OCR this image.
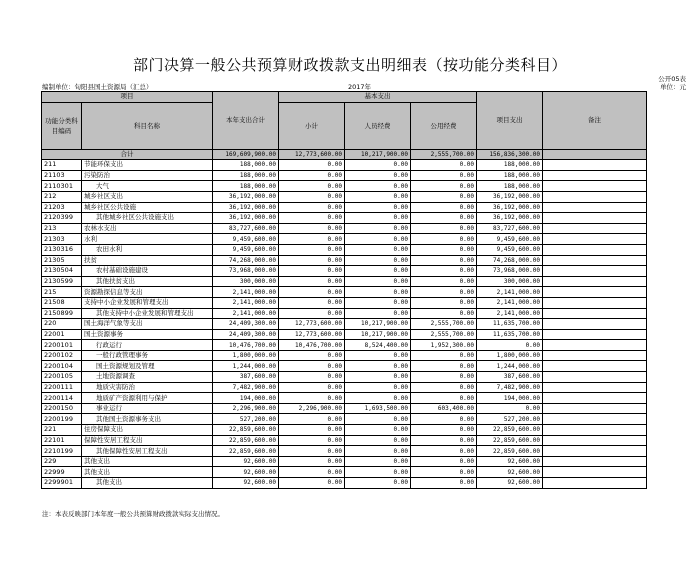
部门决算一般公共预算财政拨款支出明细表（按功能分类科目）
公开05表
编制单位：旬阳县国土资源局（汇总）	2017年	单位：元
项目		本年支出合计	基本支出			项目支出	备注
功能分类科目编码	科目名称		小计	人员经费	公用经费		
合计		169,609,900.00	12,773,600.00	10,217,900.00	2,555,700.00	156,836,300.00	
211	节能环保支出	188,000.00	0.00	0.00	0.00	188,000.00	
21103	污染防治	188,000.00	0.00	0.00	0.00	188,000.00	
2110301	大气	188,000.00	0.00	0.00	0.00	188,000.00	
212	城乡社区支出	36,192,000.00	0.00	0.00	0.00	36,192,000.00	
21203	城乡社区公共设施	36,192,000.00	0.00	0.00	0.00	36,192,000.00	
2120399	其他城乡社区公共设施支出	36,192,000.00	0.00	0.00	0.00	36,192,000.00	
213	农林水支出	83,727,600.00	0.00	0.00	0.00	83,727,600.00	
21303	水利	9,459,600.00	0.00	0.00	0.00	9,459,600.00	
2130316	农田水利	9,459,600.00	0.00	0.00	0.00	9,459,600.00	
21305	扶贫	74,268,000.00	0.00	0.00	0.00	74,268,000.00	
2130504	农村基础设施建设	73,968,000.00	0.00	0.00	0.00	73,968,000.00	
2130599	其他扶贫支出	300,000.00	0.00	0.00	0.00	300,000.00	
215	资源勘探信息等支出	2,141,000.00	0.00	0.00	0.00	2,141,000.00	
21508	支持中小企业发展和管理支出	2,141,000.00	0.00	0.00	0.00	2,141,000.00	
2150899	其他支持中小企业发展和管理支出	2,141,000.00	0.00	0.00	0.00	2,141,000.00	
220	国土海洋气象等支出	24,409,300.00	12,773,600.00	10,217,900.00	2,555,700.00	11,635,700.00	
22001	国土资源事务	24,409,300.00	12,773,600.00	10,217,900.00	2,555,700.00	11,635,700.00	
2200101	行政运行	10,476,700.00	10,476,700.00	8,524,400.00	1,952,300.00	0.00	
2200102	一般行政管理事务	1,800,000.00	0.00	0.00	0.00	1,800,000.00	
2200104	国土资源规划及管理	1,244,000.00	0.00	0.00	0.00	1,244,000.00	
2200105	土地资源调查	387,600.00	0.00	0.00	0.00	387,600.00	
2200111	地质灾害防治	7,482,900.00	0.00	0.00	0.00	7,482,900.00	
2200114	地质矿产资源利用与保护	194,000.00	0.00	0.00	0.00	194,000.00	
2200150	事业运行	2,296,900.00	2,296,900.00	1,693,500.00	603,400.00	0.00	
2200199	其他国土资源事务支出	527,200.00	0.00	0.00	0.00	527,200.00	
221	住房保障支出	22,859,600.00	0.00	0.00	0.00	22,859,600.00	
22101	保障性安居工程支出	22,859,600.00	0.00	0.00	0.00	22,859,600.00	
2210199	其他保障性安居工程支出	22,859,600.00	0.00	0.00	0.00	22,859,600.00	
229	其他支出	92,600.00	0.00	0.00	0.00	92,600.00	
22999	其他支出	92,600.00	0.00	0.00	0.00	92,600.00	
2299901	其他支出	92,600.00	0.00	0.00	0.00	92,600.00	
注：本表反映部门本年度一般公共预算财政拨款实际支出情况。
